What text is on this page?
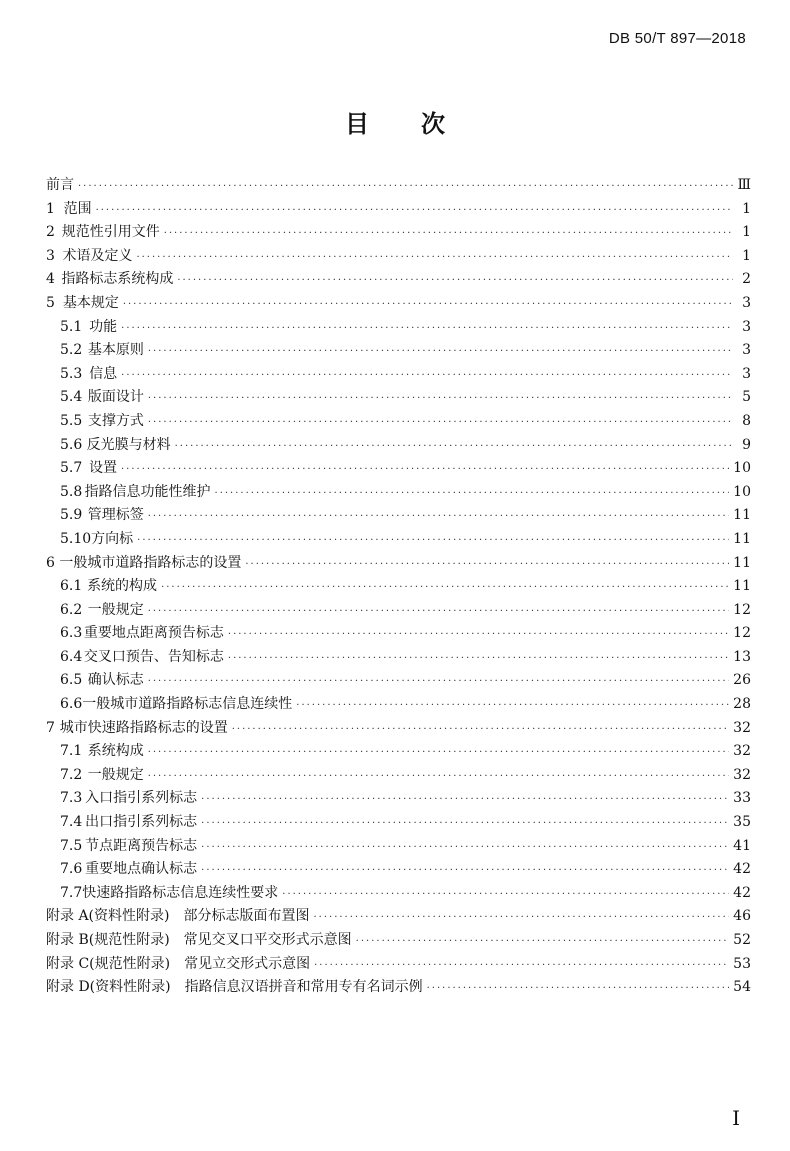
DB 50/T 897—2018
目 次
前言 ·····	Ⅲ
1 范围 ·····	1
2 规范性引用文件 ·····	1
3 术语及定义 ·····	1
4 指路标志系统构成 ·····	2
5 基本规定 ·····	3
5.1 功能 ·····	3
5.2 基本原则 ·····	3
5.3 信息 ·····	3
5.4 版面设计 ·····	5
5.5 支撑方式 ·····	8
5.6 反光膜与材料 ·····	9
5.7 设置 ·····	10
5.8 指路信息功能性维护 ·····	10
5.9 管理标签 ·····	11
5.10 方向标 ·····	11
6 一般城市道路指路标志的设置 ·····	11
6.1 系统的构成 ·····	11
6.2 一般规定 ·····	12
6.3 重要地点距离预告标志 ·····	12
6.4 交叉口预告、告知标志 ·····	13
6.5 确认标志 ·····	26
6.6 一般城市道路指路标志信息连续性 ·····	28
7 城市快速路指路标志的设置 ·····	32
7.1 系统构成 ·····	32
7.2 一般规定 ·····	32
7.3 入口指引系列标志 ·····	33
7.4 出口指引系列标志 ·····	35
7.5 节点距离预告标志 ·····	41
7.6 重要地点确认标志 ·····	42
7.7 快速路指路标志信息连续性要求 ·····	42
附录 A(资料性附录)　部分标志版面布置图 ·····	46
附录 B(规范性附录)　常见交叉口平交形式示意图 ·····	52
附录 C(规范性附录)　常见立交形式示意图 ·····	53
附录 D(资料性附录)　指路信息汉语拼音和常用专有名词示例 ·····	54
I
